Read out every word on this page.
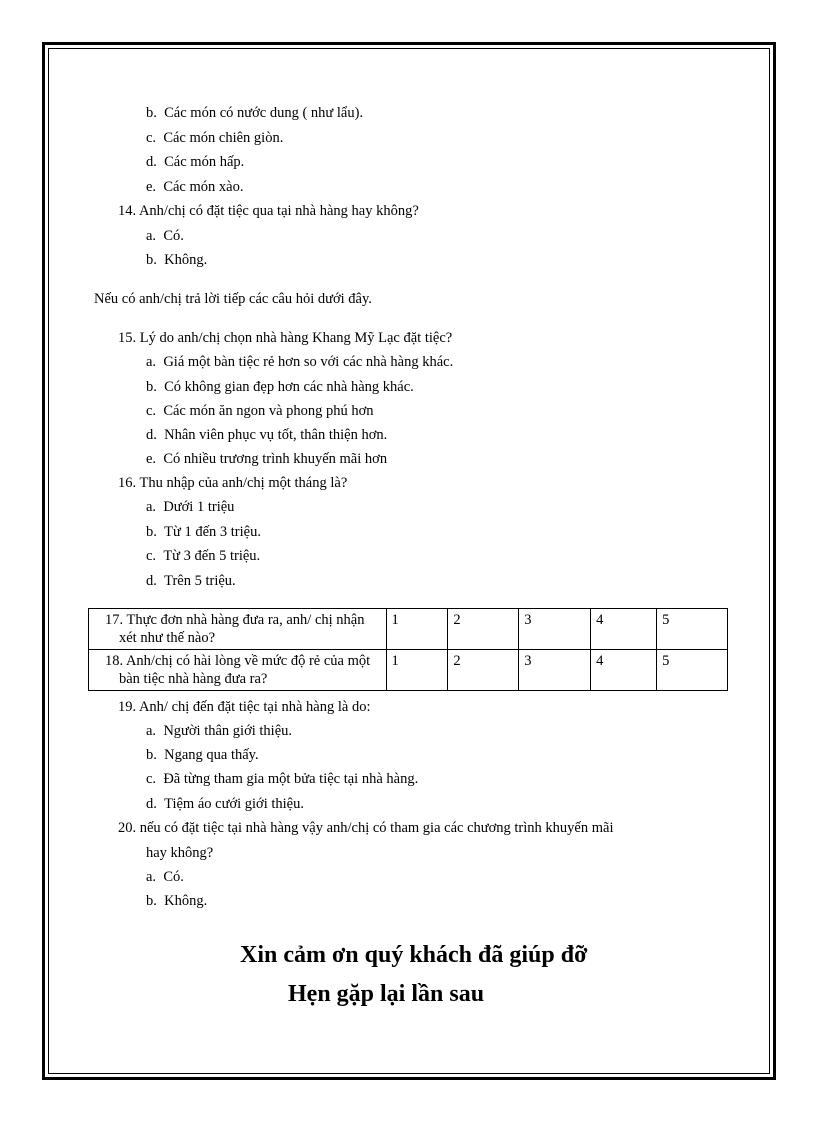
b. Các món có nước dung ( như lẩu).
c. Các món chiên giòn.
d. Các món hấp.
e. Các món xào.
14. Anh/chị có đặt tiệc qua tại nhà hàng hay không?
a. Có.
b. Không.
Nếu có anh/chị trả lời tiếp các câu hỏi dưới đây.
15. Lý do anh/chị chọn nhà hàng Khang Mỹ Lạc đặt tiệc?
a. Giá một bàn tiệc rẻ hơn so với các nhà hàng khác.
b. Có không gian đẹp hơn các nhà hàng khác.
c. Các món ăn ngon và phong phú hơn
d. Nhân viên phục vụ tốt, thân thiện hơn.
e. Có nhiều trương trình khuyến mãi hơn
16. Thu nhập của anh/chị một tháng là?
a. Dưới 1 triệu
b. Từ 1 đến 3 triệu.
c. Từ 3 đến 5 triệu.
d. Trên 5 triệu.
17. Thực đơn nhà hàng đưa ra, anh/ chị nhận xét như thế nào?	1	2	3	4	5
18. Anh/chị có hài lòng về mức độ rẻ của một bàn tiệc nhà hàng đưa ra?	1	2	3	4	5
19. Anh/ chị đến đặt tiệc tại nhà hàng là do:
a. Người thân giới thiệu.
b. Ngang qua thấy.
c. Đã từng tham gia một bửa tiệc tại nhà hàng.
d. Tiệm áo cưới giới thiệu.
20. nếu có đặt tiệc tại nhà hàng vậy anh/chị có tham gia các chương trình khuyến mãi
hay không?
a. Có.
b. Không.
Xin cảm ơn quý khách đã giúp đỡ
Hẹn gặp lại lần sau
